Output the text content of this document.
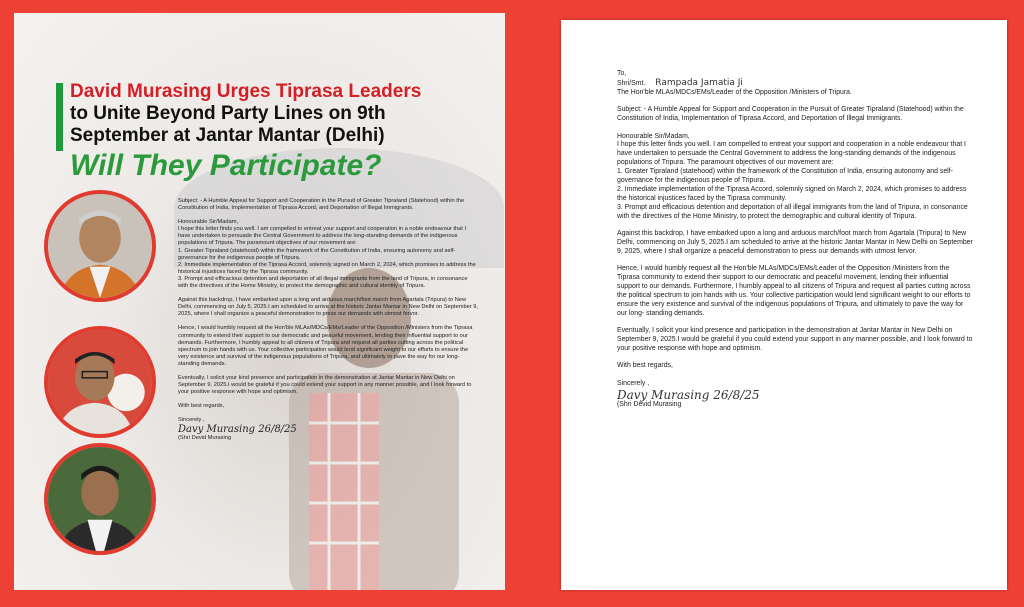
David Murasing Urges Tiprasa Leaders
to Unite Beyond Party Lines on 9th
September at Jantar Mantar (Delhi)
Will They Participate?

Subject: - A Humble Appeal for Support and Cooperation in the Pursuit of Greater Tipraland (Statehood) within the Constitution of India, Implementation of Tiprasa Accord, and Deportation of Illegal Immigrants.

Honourable Sir/Madam,

I hope this letter finds you well. I am compelled to entreat your support and cooperation in a noble endeavour that I have undertaken to persuade the Central Government to address the long-standing demands of the indigenous populations of Tripura. The paramount objectives of our movement are:

1. Greater Tipraland (statehood) within the framework of the Constitution of India, ensuring autonomy and self-governance for the indigenous people of Tripura.

2. Immediate implementation of the Tiprasa Accord, solemnly signed on March 2, 2024, which promises to address the historical injustices faced by the Tiprasa community.

3. Prompt and efficacious detention and deportation of all illegal immigrants from the land of Tripura, in consonance with the directives of the Home Ministry, to protect the demographic and cultural identity of Tripura.

Against this backdrop, I have embarked upon a long and arduous march/foot march from Agartala (Tripura) to New Delhi, commencing on July 5, 2025.I am scheduled to arrive at the historic Jantar Mantar in New Delhi on September 9, 2025, where I shall organize a peaceful demonstration to press our demands with utmost fervor.

Hence, I would humbly request all the Hon'ble MLAs/MDCs/EMs/Leader of the Opposition /Ministers from the Tiprasa community to extend their support to our democratic and peaceful movement, lending their influential support to our demands. Furthermore, I humbly appeal to all citizens of Tripura and request all parties cutting across the political spectrum to join hands with us. Your collective participation would lend significant weight to our efforts to ensure the very existence and survival of the indigenous populations of Tripura, and ultimately to pave the way for our long- standing demands.

Eventually, I solicit your kind presence and participation in the demonstration at Jantar Mantar in New Delhi on September 9, 2025.I would be grateful if you could extend your support in any manner possible, and I look forward to your positive response with hope and optimism.

With best regards,

Sincerely ,

Davy Murasing 26/8/25

(Shri Devid Murasing

To,

Shri/Smt. Rampada Jamatia Ji

The Hon'ble MLAs/MDCs/EMs/Leader of the Opposition /Ministers of Tripura.

Subject: - A Humble Appeal for Support and Cooperation in the Pursuit of Greater Tipraland (Statehood) within the Constitution of India, Implementation of Tiprasa Accord, and Deportation of Illegal Immigrants.

Honourable Sir/Madam,

I hope this letter finds you well. I am compelled to entreat your support and cooperation in a noble endeavour that I have undertaken to persuade the Central Government to address the long-standing demands of the indigenous populations of Tripura. The paramount objectives of our movement are:

1. Greater Tipraland (statehood) within the framework of the Constitution of India, ensuring autonomy and self-governance for the indigenous people of Tripura.

2. Immediate implementation of the Tiprasa Accord, solemnly signed on March 2, 2024, which promises to address the historical injustices faced by the Tiprasa community.

3. Prompt and efficacious detention and deportation of all illegal immigrants from the land of Tripura, in consonance with the directives of the Home Ministry, to protect the demographic and cultural identity of Tripura.

Against this backdrop, I have embarked upon a long and arduous march/foot march from Agartala (Tripura) to New Delhi, commencing on July 5, 2025.I am scheduled to arrive at the historic Jantar Mantar in New Delhi on September 9, 2025, where I shall organize a peaceful demonstration to press our demands with utmost fervor.

Hence, I would humbly request all the Hon'ble MLAs/MDCs/EMs/Leader of the Opposition /Ministers from the Tiprasa community to extend their support to our democratic and peaceful movement, lending their influential support to our demands. Furthermore, I humbly appeal to all citizens of Tripura and request all parties cutting across the political spectrum to join hands with us. Your collective participation would lend significant weight to our efforts to ensure the very existence and survival of the indigenous populations of Tripura, and ultimately to pave the way for our long- standing demands.

Eventually, I solicit your kind presence and participation in the demonstration at Jantar Mantar in New Delhi on September 9, 2025.I would be grateful if you could extend your support in any manner possible, and I look forward to your positive response with hope and optimism.

With best regards,

Sincerely ,

Davy Murasing 26/8/25

(Shri Devid Murasing
